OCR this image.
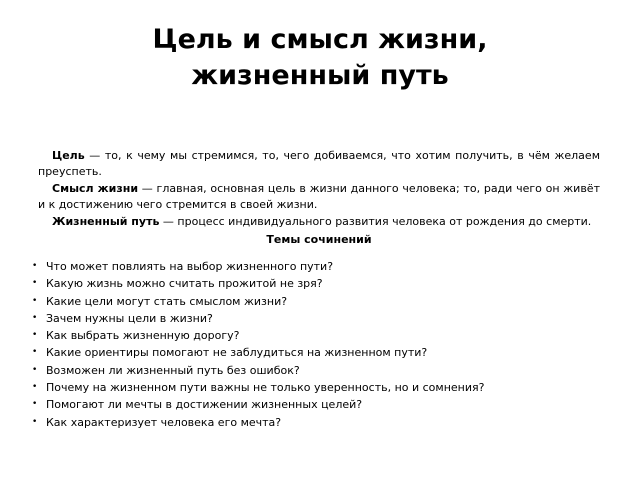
Цель и смысл жизни,
жизненный путь

Цель — то, к чему мы стремимся, то, чего добиваемся, что хотим получить, в чём желаем преуспеть.

Смысл жизни — главная, основная цель в жизни данного человека; то, ради чего он живёт и к достижению чего стремится в своей жизни.

Жизненный путь — процесс индивидуального развития человека от рождения до смерти.

Темы сочинений
• Что может повлиять на выбор жизненного пути?
• Какую жизнь можно считать прожитой не зря?
• Какие цели могут стать смыслом жизни?
• Зачем нужны цели в жизни?
• Как выбрать жизненную дорогу?
• Какие ориентиры помогают не заблудиться на жизненном пути?
• Возможен ли жизненный путь без ошибок?
• Почему на жизненном пути важны не только уверенность, но и сомнения?
• Помогают ли мечты в достижении жизненных целей?
• Как характеризует человека его мечта?
